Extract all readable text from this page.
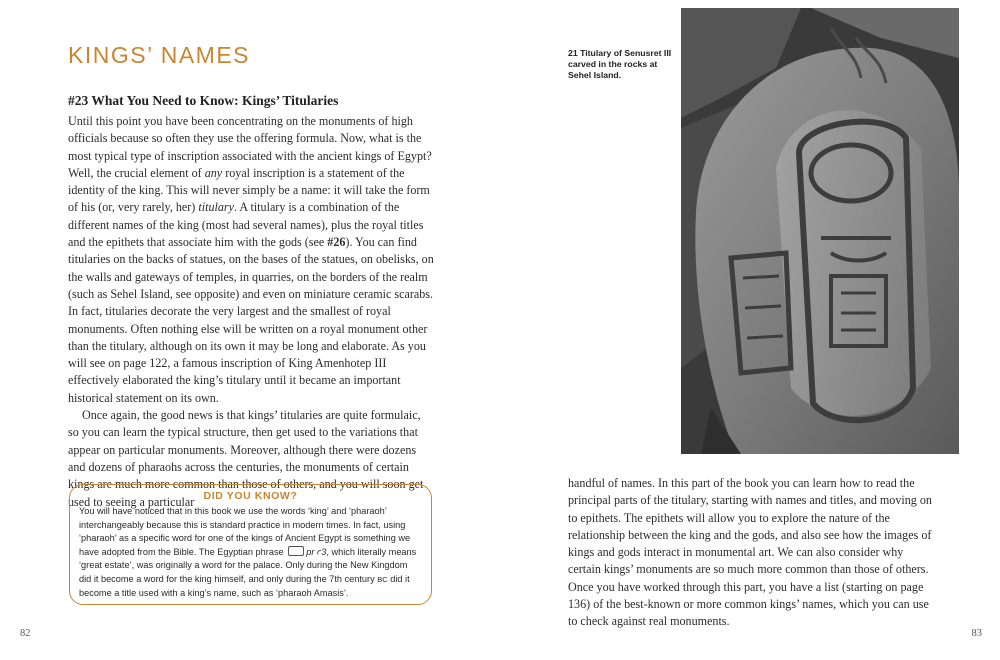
KINGS’ NAMES
#23 What You Need to Know: Kings’ Titularies

Until this point you have been concentrating on the monuments of high officials because so often they use the offering formula. Now, what is the most typical type of inscription associated with the ancient kings of Egypt? Well, the crucial element of any royal inscription is a statement of the identity of the king. This will never simply be a name: it will take the form of his (or, very rarely, her) titulary. A titulary is a combination of the different names of the king (most had several names), plus the royal titles and the epithets that associate him with the gods (see #26). You can find titularies on the backs of statues, on the bases of the statues, on obelisks, on the walls and gateways of temples, in quarries, on the borders of the realm (such as Sehel Island, see opposite) and even on miniature ceramic scarabs. In fact, titularies decorate the very largest and the smallest of royal monuments. Often nothing else will be written on a royal monument other than the titulary, although on its own it may be long and elaborate. As you will see on page 122, a famous inscription of King Amenhotep III effectively elaborated the king’s titulary until it became an important historical statement on its own.

Once again, the good news is that kings’ titularies are quite formulaic, so you can learn the typical structure, then get used to the variations that appear on particular monuments. Moreover, although there were dozens and dozens of pharaohs across the centuries, the monuments of certain kings are much more common than those of others, and you will soon get used to seeing a particular DID YOU KNOW?
You will have noticed that in this book we use the words ‘king’ and ‘pharaoh’ interchangeably because this is standard practice in modern times. In fact, using ‘pharaoh’ as a specific word for one of the kings of Ancient Egypt is something we have adopted from the Bible. The Egyptian phrase pr ꜥ3, which literally means ‘great estate’, was originally a word for the palace. Only during the New Kingdom did it become a word for the king himself, and only during the 7th century BC did it become a title used with a king’s name, such as ‘pharaoh Amasis’.
82
21 Titulary of Senusret III carved in the rocks at Sehel Island.
handful of names. In this part of the book you can learn how to read the principal parts of the titulary, starting with names and titles, and moving on to epithets. The epithets will allow you to explore the nature of the relationship between the king and the gods, and also see how the images of kings and gods interact in monumental art. We can also consider why certain kings’ monuments are so much more common than those of others. Once you have worked through this part, you have a list (starting on page 136) of the best-known or more common kings’ names, which you can use to check against real monuments.
83
